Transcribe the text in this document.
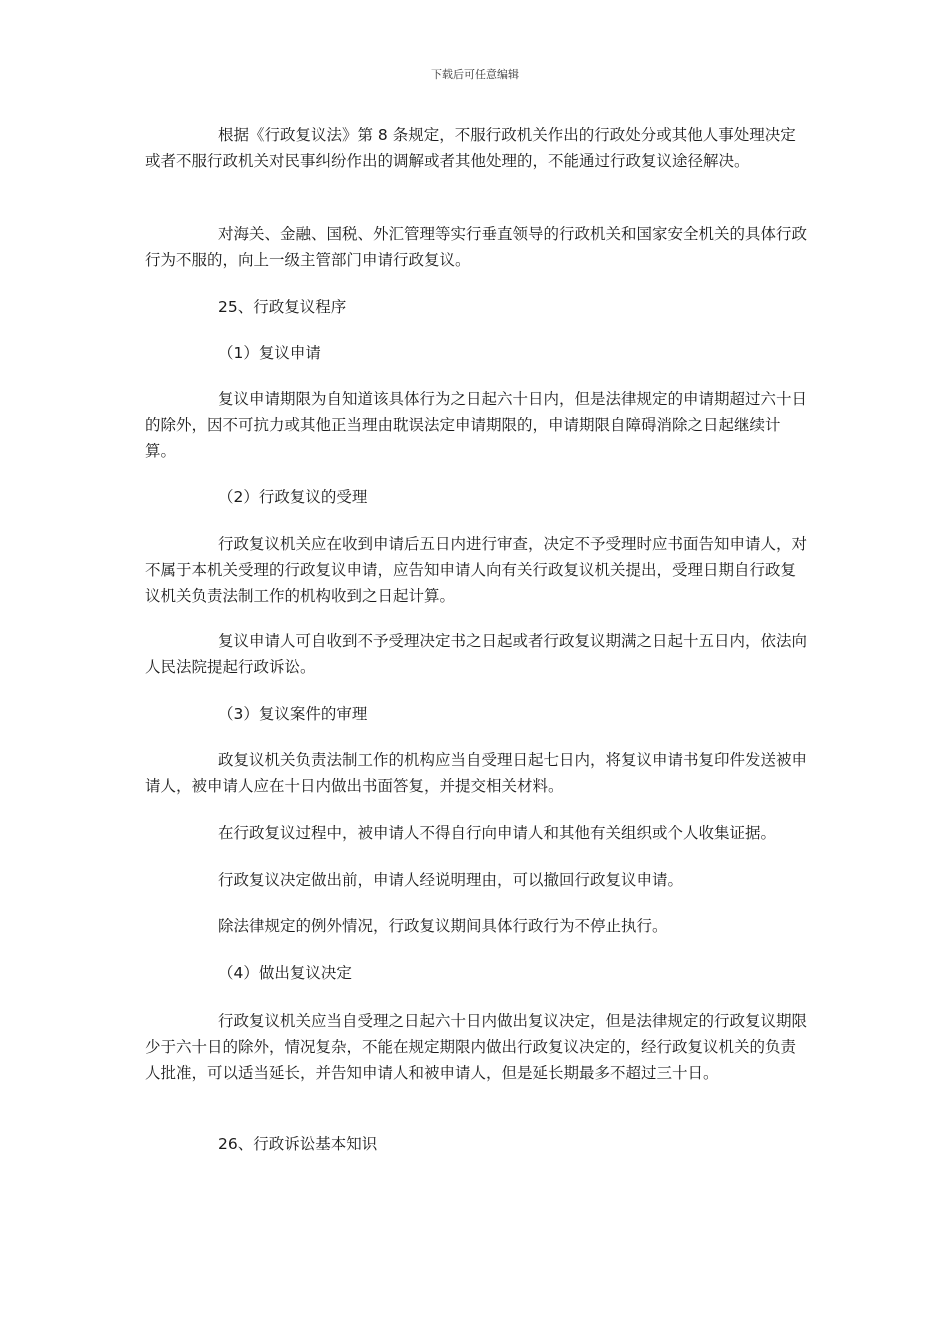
下载后可任意编辑

根据《行政复议法》第 8 条规定，不服行政机关作出的行政处分或其他人事处理决定或者不服行政机关对民事纠纷作出的调解或者其他处理的，不能通过行政复议途径解决。

对海关、金融、国税、外汇管理等实行垂直领导的行政机关和国家安全机关的具体行政行为不服的，向上一级主管部门申请行政复议。

25、行政复议程序

（1）复议申请

复议申请期限为自知道该具体行为之日起六十日内，但是法律规定的申请期超过六十日的除外，因不可抗力或其他正当理由耽误法定申请期限的，申请期限自障碍消除之日起继续计算。

（2）行政复议的受理

行政复议机关应在收到申请后五日内进行审查，决定不予受理时应书面告知申请人，对不属于本机关受理的行政复议申请，应告知申请人向有关行政复议机关提出，受理日期自行政复议机关负责法制工作的机构收到之日起计算。

复议申请人可自收到不予受理决定书之日起或者行政复议期满之日起十五日内，依法向人民法院提起行政诉讼。

（3）复议案件的审理

政复议机关负责法制工作的机构应当自受理日起七日内，将复议申请书复印件发送被申请人，被申请人应在十日内做出书面答复，并提交相关材料。

在行政复议过程中，被申请人不得自行向申请人和其他有关组织或个人收集证据。

行政复议决定做出前，申请人经说明理由，可以撤回行政复议申请。

除法律规定的例外情况，行政复议期间具体行政行为不停止执行。

（4）做出复议决定

行政复议机关应当自受理之日起六十日内做出复议决定，但是法律规定的行政复议期限少于六十日的除外，情况复杂，不能在规定期限内做出行政复议决定的，经行政复议机关的负责人批准，可以适当延长，并告知申请人和被申请人，但是延长期最多不超过三十日。

26、行政诉讼基本知识
